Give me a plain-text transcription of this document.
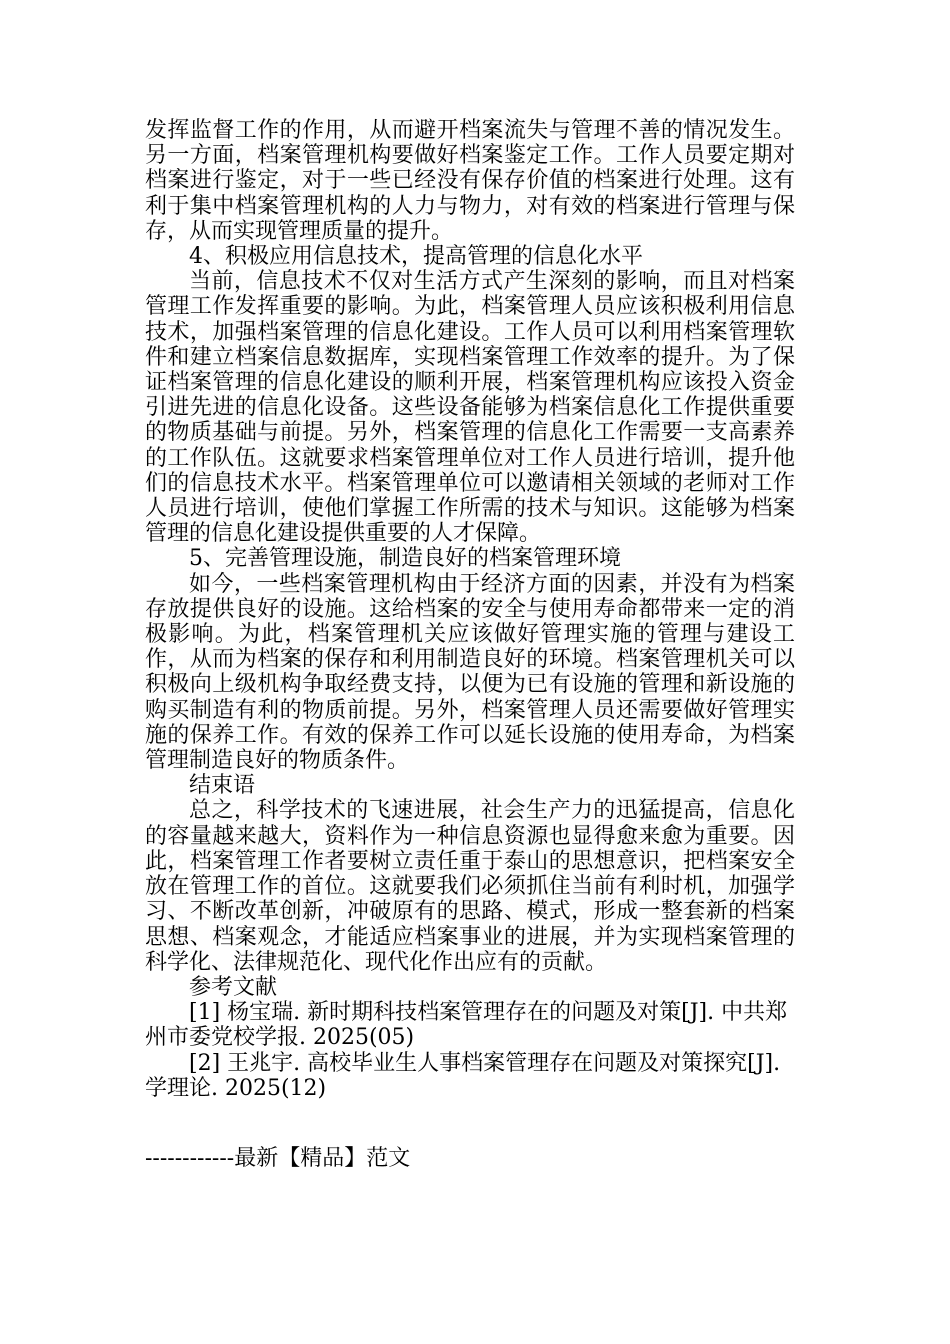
发挥监督工作的作用，从而避开档案流失与管理不善的情况发生。另一方面，档案管理机构要做好档案鉴定工作。工作人员要定期对档案进行鉴定，对于一些已经没有保存价值的档案进行处理。这有利于集中档案管理机构的人力与物力，对有效的档案进行管理与保存，从而实现管理质量的提升。

4、积极应用信息技术，提高管理的信息化水平

当前，信息技术不仅对生活方式产生深刻的影响，而且对档案管理工作发挥重要的影响。为此，档案管理人员应该积极利用信息技术，加强档案管理的信息化建设。工作人员可以利用档案管理软件和建立档案信息数据库，实现档案管理工作效率的提升。为了保证档案管理的信息化建设的顺利开展，档案管理机构应该投入资金引进先进的信息化设备。这些设备能够为档案信息化工作提供重要的物质基础与前提。另外，档案管理的信息化工作需要一支高素养的工作队伍。这就要求档案管理单位对工作人员进行培训，提升他们的信息技术水平。档案管理单位可以邀请相关领域的老师对工作人员进行培训，使他们掌握工作所需的技术与知识。这能够为档案管理的信息化建设提供重要的人才保障。

5、完善管理设施，制造良好的档案管理环境

如今，一些档案管理机构由于经济方面的因素，并没有为档案存放提供良好的设施。这给档案的安全与使用寿命都带来一定的消极影响。为此，档案管理机关应该做好管理实施的管理与建设工作，从而为档案的保存和利用制造良好的环境。档案管理机关可以积极向上级机构争取经费支持，以便为已有设施的管理和新设施的购买制造有利的物质前提。另外，档案管理人员还需要做好管理实施的保养工作。有效的保养工作可以延长设施的使用寿命，为档案管理制造良好的物质条件。

结束语

总之，科学技术的飞速进展，社会生产力的迅猛提高，信息化的容量越来越大，资料作为一种信息资源也显得愈来愈为重要。因此，档案管理工作者要树立责任重于泰山的思想意识，把档案安全放在管理工作的首位。这就要我们必须抓住当前有利时机，加强学习、不断改革创新，冲破原有的思路、模式，形成一整套新的档案思想、档案观念，才能适应档案事业的进展，并为实现档案管理的科学化、法律规范化、现代化作出应有的贡献。

参考文献

[1] 杨宝瑞. 新时期科技档案管理存在的问题及对策[J]. 中共郑州市委党校学报. 2025(05)

[2] 王兆宇. 高校毕业生人事档案管理存在问题及对策探究[J]. 学理论. 2025(12)

------------最新【精品】范文
